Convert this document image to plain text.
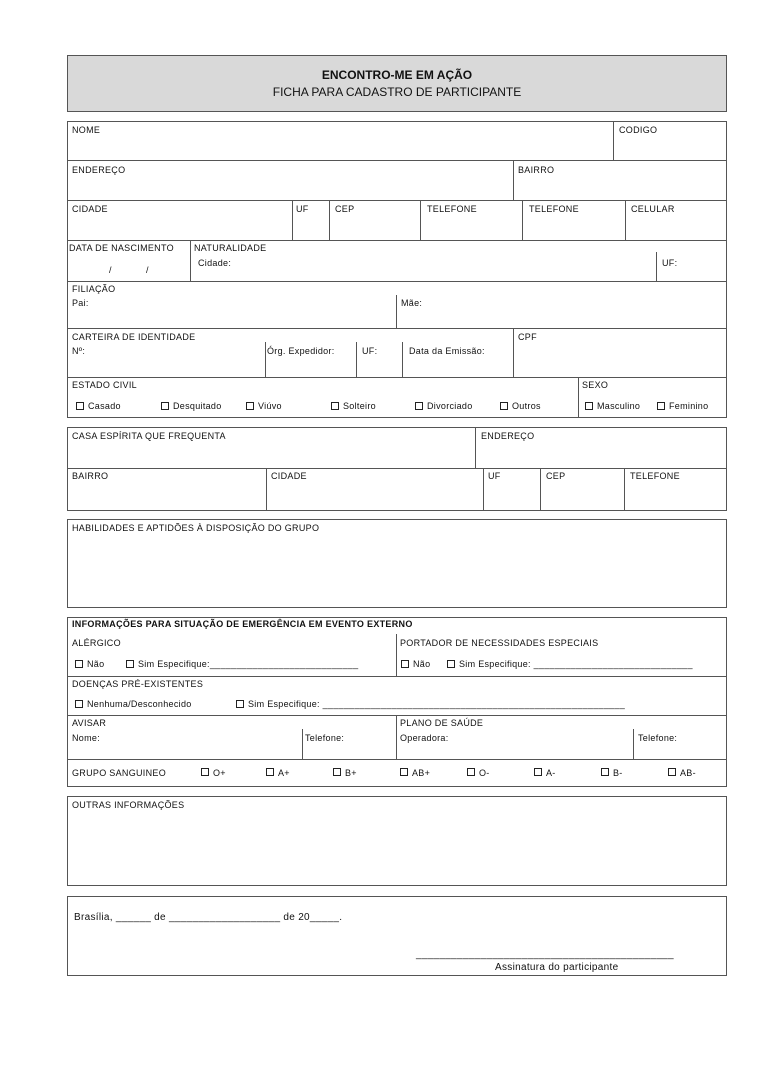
ENCONTRO-ME EM AÇÃO
FICHA PARA CADASTRO DE PARTICIPANTE
NOME	CODIGO
ENDEREÇO	BAIRRO
CIDADE	UF	CEP	TELEFONE	TELEFONE	CELULAR
DATA DE NASCIMENTO
/	/
NATURALIDADE
Cidade:	UF:
FILIAÇÃO
Pai:	Mãe:
CARTEIRA DE IDENTIDADE
Nº:	Órg. Expedidor:	UF:	Data da Emissão:
CPF
ESTADO CIVIL	SEXO
Casado	Desquitado	Viúvo	Solteiro	Divorciado	Outros	Masculino	Feminino
CASA ESPÍRITA QUE FREQUENTA	ENDEREÇO
BAIRRO	CIDADE	UF	CEP	TELEFONE
HABILIDADES E APTIDÕES À DISPOSIÇÃO DO GRUPO
INFORMAÇÕES PARA SITUAÇÃO DE EMERGÊNCIA EM EVENTO EXTERNO
ALÉRGICO
Não	Sim Especifique:____________________________
PORTADOR DE NECESSIDADES ESPECIAIS
Não	Sim Especifique: ______________________________
DOENÇAS PRÉ-EXISTENTES
Nenhuma/Desconhecido	Sim Especifique: _________________________________________________________
AVISAR
Nome:	Telefone:
PLANO DE SAÚDE
Operadora:	Telefone:
GRUPO SANGUINEO	O+	A+	B+	AB+	O-	A-	B-	AB-
OUTRAS INFORMAÇÕES
Brasília, ______ de ___________________ de 20_____.
____________________________________________
Assinatura do participante
